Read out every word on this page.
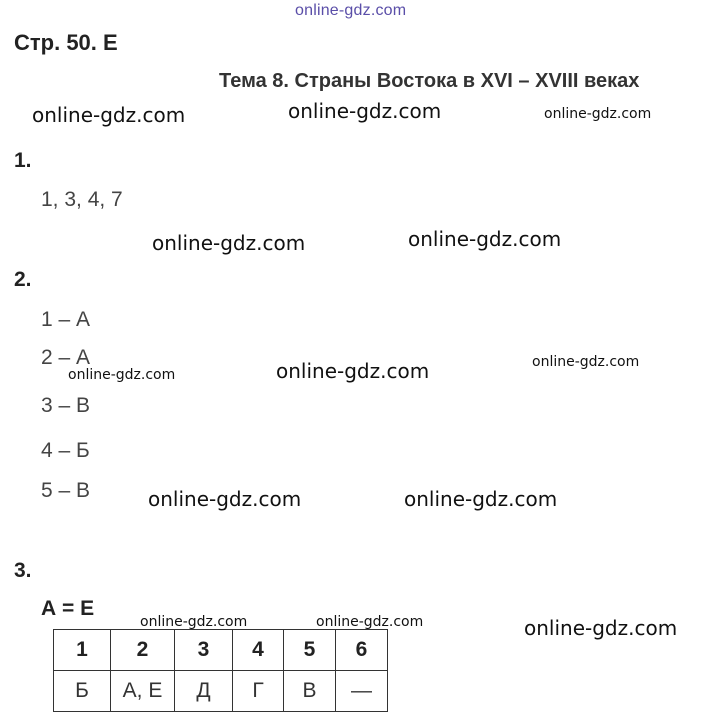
online-gdz.com
Стр. 50. Е
Тема 8. Страны Востока в XVI – XVIII веках
online-gdz.com	online-gdz.com	online-gdz.com
online-gdz.com	online-gdz.com
online-gdz.com	online-gdz.com	online-gdz.com
online-gdz.com	online-gdz.com
online-gdz.com	online-gdz.com	online-gdz.com
1.
1, 3, 4, 7
2.
1 – А
2 – А
3 – В
4 – Б
5 – В
3.
А = Е
1	2	3	4	5	6
Б	А, Е	Д	Г	В	—
